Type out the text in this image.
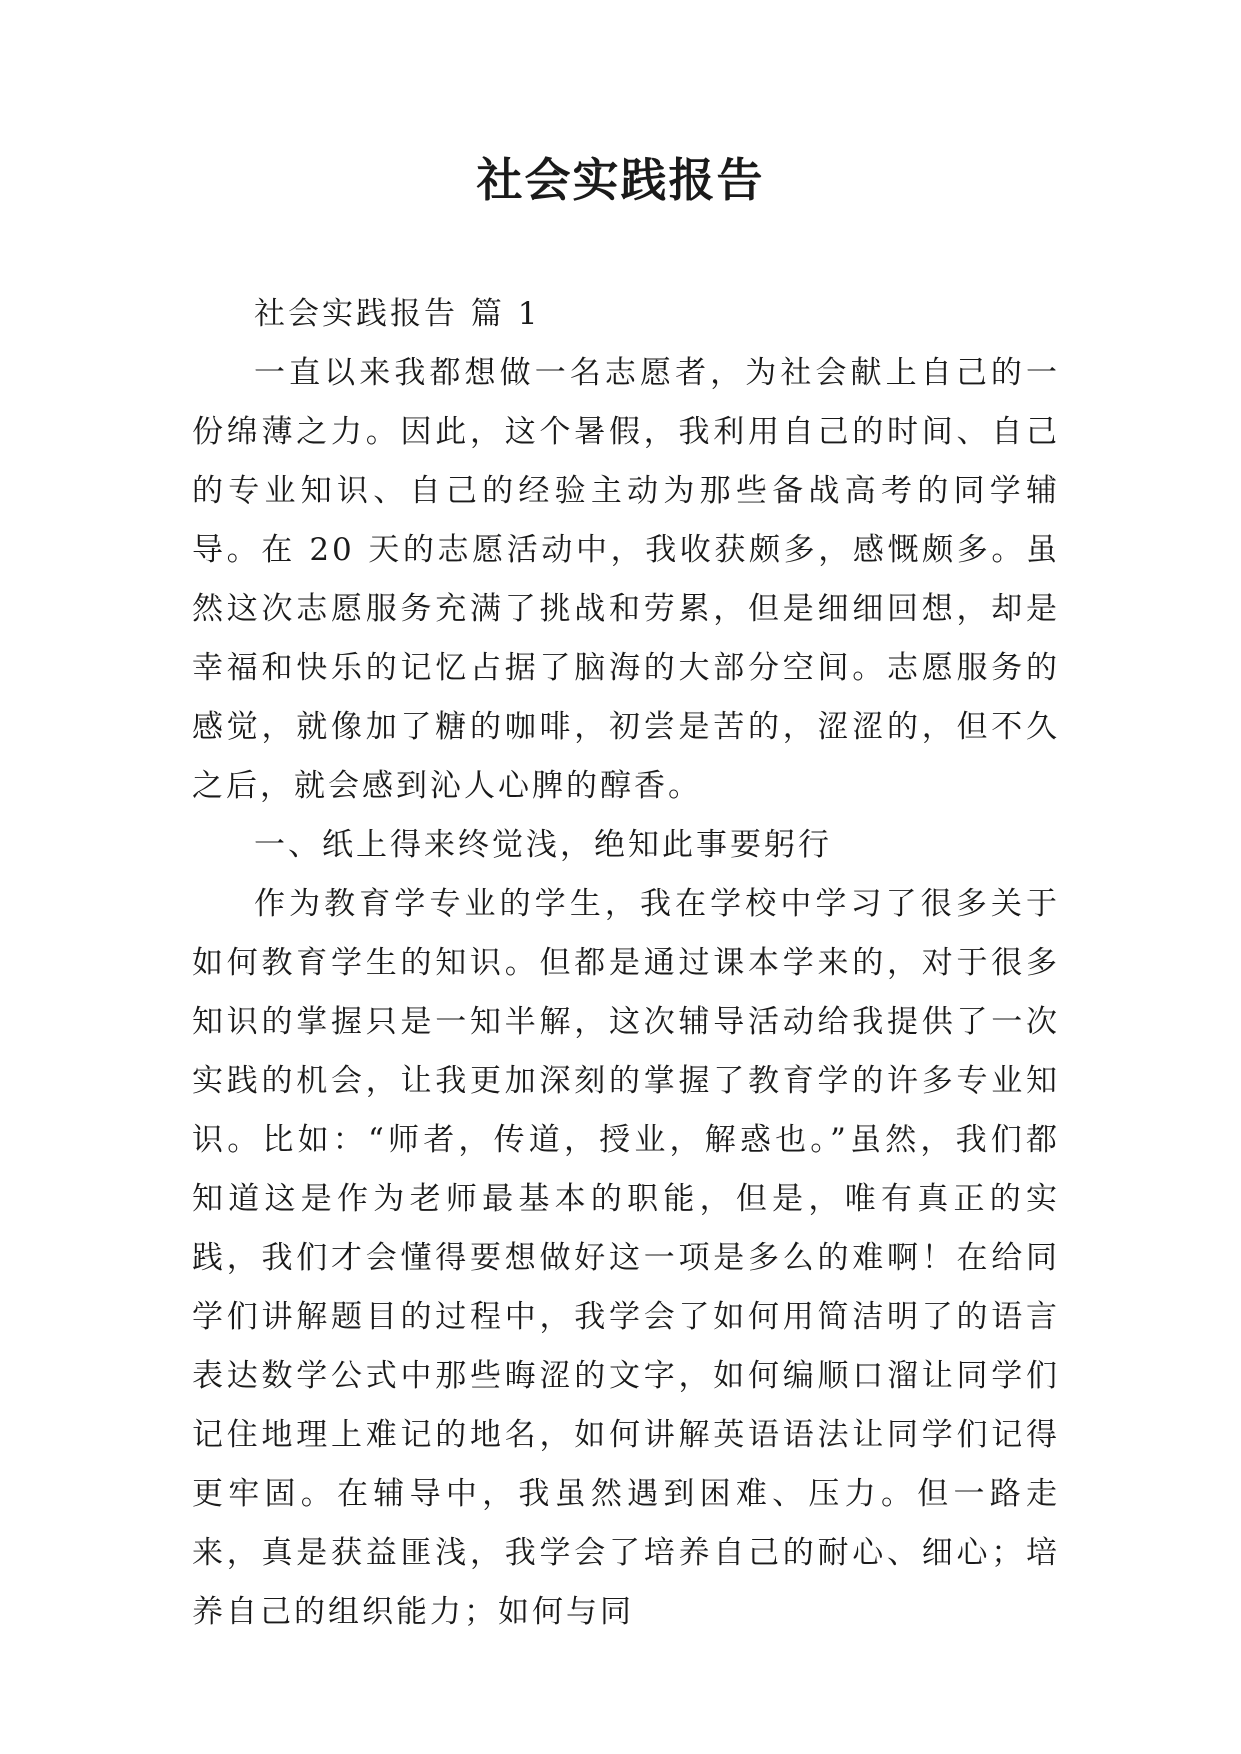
社会实践报告

社会实践报告 篇 1

一直以来我都想做一名志愿者，为社会献上自己的一份绵薄之力。因此，这个暑假，我利用自己的时间、自己的专业知识、自己的经验主动为那些备战高考的同学辅导。在 20 天的志愿活动中，我收获颇多，感慨颇多。虽然这次志愿服务充满了挑战和劳累，但是细细回想，却是幸福和快乐的记忆占据了脑海的大部分空间。志愿服务的感觉，就像加了糖的咖啡，初尝是苦的，涩涩的，但不久之后，就会感到沁人心脾的醇香。

一、纸上得来终觉浅，绝知此事要躬行

作为教育学专业的学生，我在学校中学习了很多关于如何教育学生的知识。但都是通过课本学来的，对于很多知识的掌握只是一知半解，这次辅导活动给我提供了一次实践的机会，让我更加深刻的掌握了教育学的许多专业知识。比如：“师者，传道，授业，解惑也。”虽然，我们都知道这是作为老师最基本的职能，但是，唯有真正的实践，我们才会懂得要想做好这一项是多么的难啊！在给同学们讲解题目的过程中，我学会了如何用简洁明了的语言表达数学公式中那些晦涩的文字，如何编顺口溜让同学们记住地理上难记的地名，如何讲解英语语法让同学们记得更牢固。在辅导中，我虽然遇到困难、压力。但一路走来，真是获益匪浅，我学会了培养自己的耐心、细心；培养自己的组织能力；如何与同
